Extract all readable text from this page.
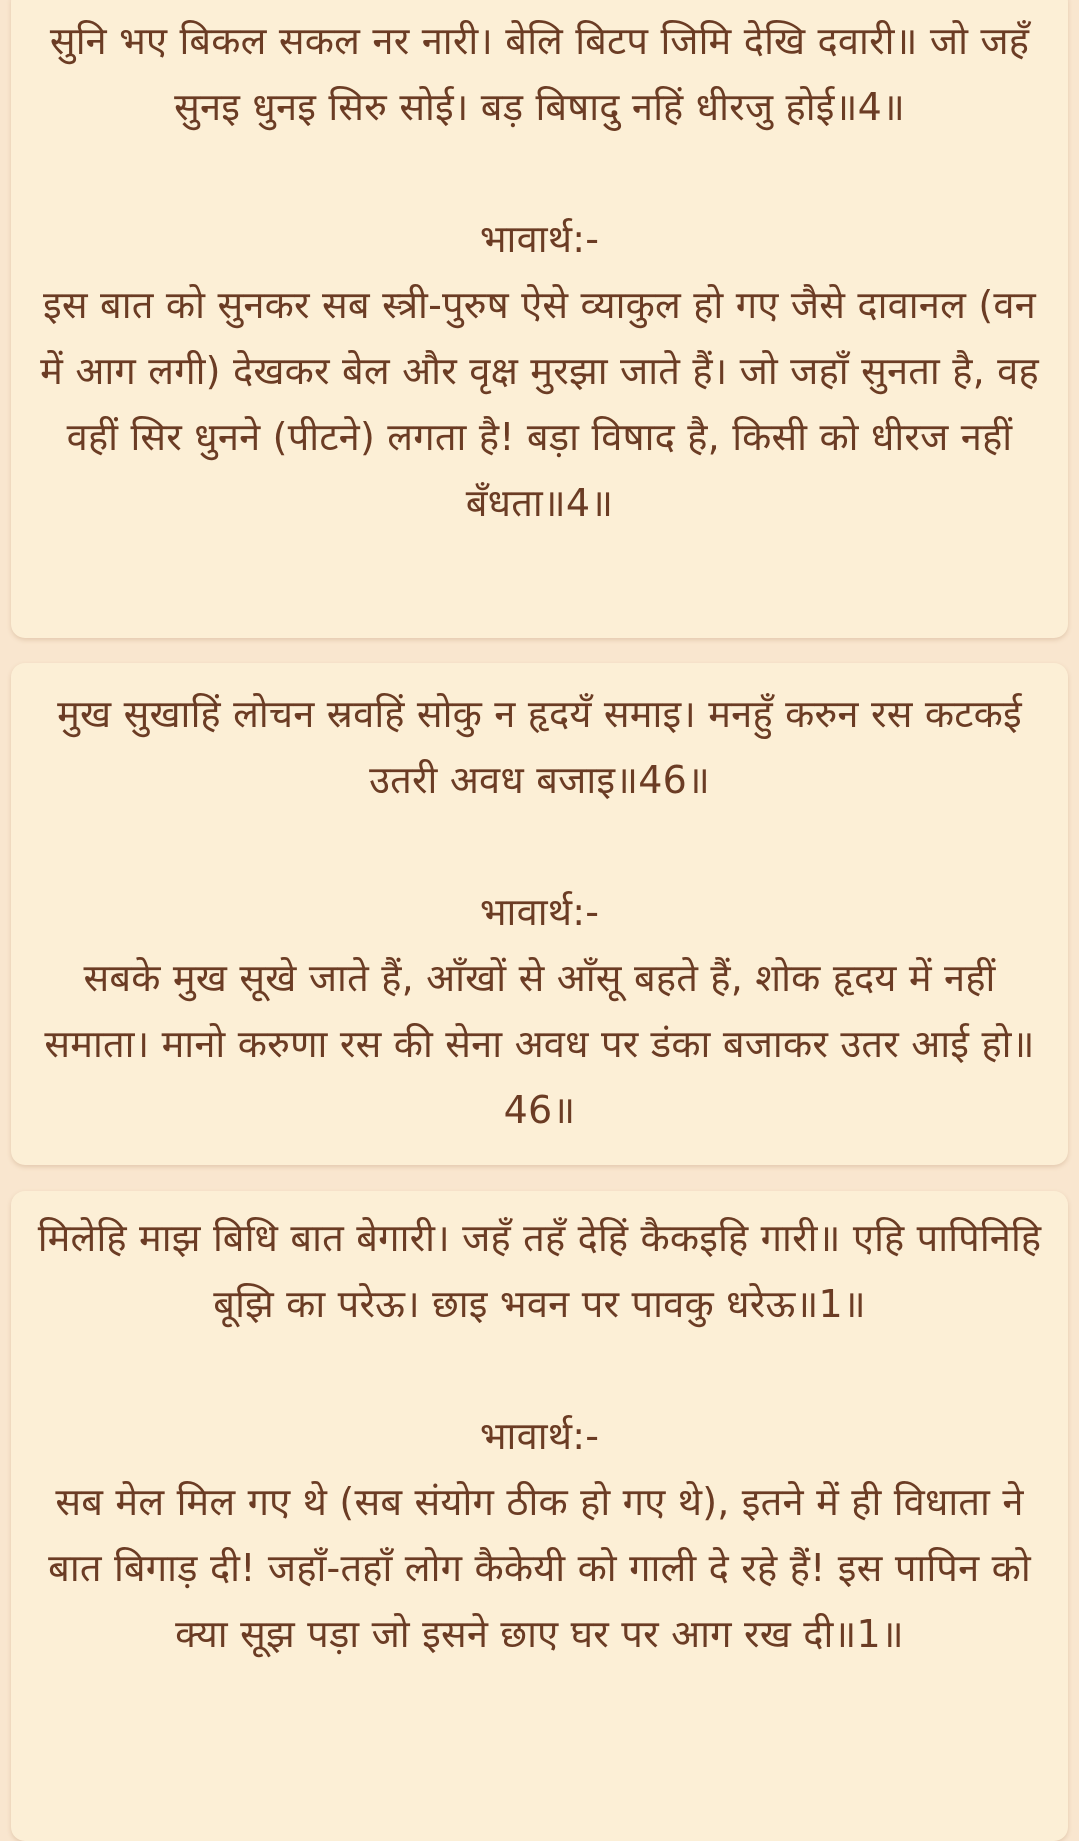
सुनि भए बिकल सकल नर नारी। बेलि बिटप जिमि देखि दवारी॥ जो जहँ सुनइ धुनइ सिरु सोई। बड़ बिषादु नहिं धीरजु होई॥4॥

भावार्थ:-

इस बात को सुनकर सब स्त्री-पुरुष ऐसे व्याकुल हो गए जैसे दावानल (वन में आग लगी) देखकर बेल और वृक्ष मुरझा जाते हैं। जो जहाँ सुनता है, वह वहीं सिर धुनने (पीटने) लगता है! बड़ा विषाद है, किसी को धीरज नहीं बँधता॥4॥

मुख सुखाहिं लोचन स्रवहिं सोकु न हृदयँ समाइ। मनहुँ करुन रस कटकई उतरी अवध बजाइ॥46॥

भावार्थ:-

सबके मुख सूखे जाते हैं, आँखों से आँसू बहते हैं, शोक हृदय में नहीं समाता। मानो करुणा रस की सेना अवध पर डंका बजाकर उतर आई हो॥46॥

मिलेहि माझ बिधि बात बेगारी। जहँ तहँ देहिं कैकइहि गारी॥ एहि पापिनिहि बूझि का परेऊ। छाइ भवन पर पावकु धरेऊ॥1॥

भावार्थ:-

सब मेल मिल गए थे (सब संयोग ठीक हो गए थे), इतने में ही विधाता ने बात बिगाड़ दी! जहाँ-तहाँ लोग कैकेयी को गाली दे रहे हैं! इस पापिन को क्या सूझ पड़ा जो इसने छाए घर पर आग रख दी॥1॥
